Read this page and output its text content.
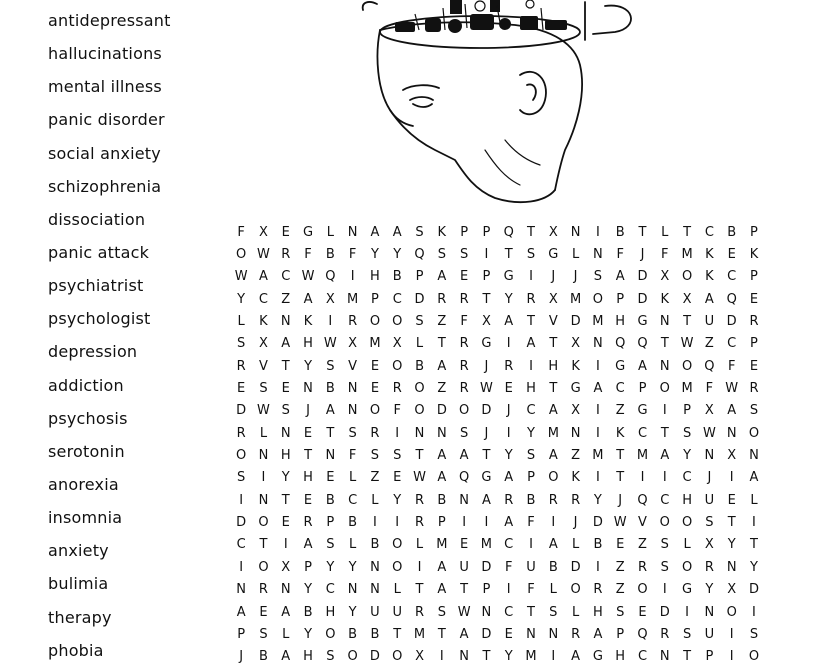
antidepressant
hallucinations
mental illness
panic disorder
social anxiety
schizophrenia
dissociation
panic attack
psychiatrist
psychologist
depression
addiction
psychosis
serotonin
anorexia
insomnia
anxiety
bulimia
therapy
phobia
F	X	E	G	L	N A	A	S	K	P	P	Q	T	X N	I	B	T	L	T	C	B	P
O W R	F	B	F	Y	Y	Q	S	S	I	T	S	G	L	N	F	J	F M K	E	K
W A	C W Q	I	H B	P	A	E	P	G	I	J	J	S	A D X O K	C	P
Y	C	Z	A	X M P	C D R	R	T	Y	R	X M O	P	D	K	X	A Q	E
L	K	N	K	I	R O O	S	Z	F	X	A	T	V D M H G N	T	U D R
S	X	A H W X M X	L	T	R G	I	A	T	X N Q Q	T W Z	C	P
R	V	T	Y	S	V	E	O B	A	R	J	R	I	H	K	I	G A N O Q	F	E
E	S	E	N B N	E	R O Z	R W E	H	T	G A	C	P	O M F W R
D W S	J	A N O	F	O D O D	J	C	A	X	I	Z G	I	P	X	A	S
R	L	N	E	T	S	R	I	N N	S	J	I	Y M N	I	K	C	T	S W N O
O N H	T	N	F	S	S	T	A	A	T	Y	S	A	Z M T M A	Y	N X N
S	I	Y	H	E	L	Z	E W A Q G A	P	O K	I	T	I	I	C	J	I	A
I	N	T	E	B	C	L	Y	R	B N A	R	B	R	R	Y	J	Q C H U	E	L
D O	E	R	P	B	I	I	R	P	I	I	A	F	I	J	D W V O O	S	T	I
C	T	I	A	S	L	B O	L	M E M C	I	A	L	B	E	Z	S	L	X	Y	T
I	O X	P	Y	Y	N O	I	A	U D	F	U	B D	I	Z	R	S	O R N	Y
N R N	Y	C N N	L	T	A	T	P	I	F	L	O R	Z O	I	G	Y	X D
A	E	A	B H	Y	U U	R	S W N C	T	S	L	H	S	E	D	I	N O	I
P	S	L	Y	O B	B	T M T	A D	E	N N R	A	P	Q R	S	U	I	S
J	B	A H	S	O D O X	I	N	T	Y M	I	A G H C N	T	P	I	O
